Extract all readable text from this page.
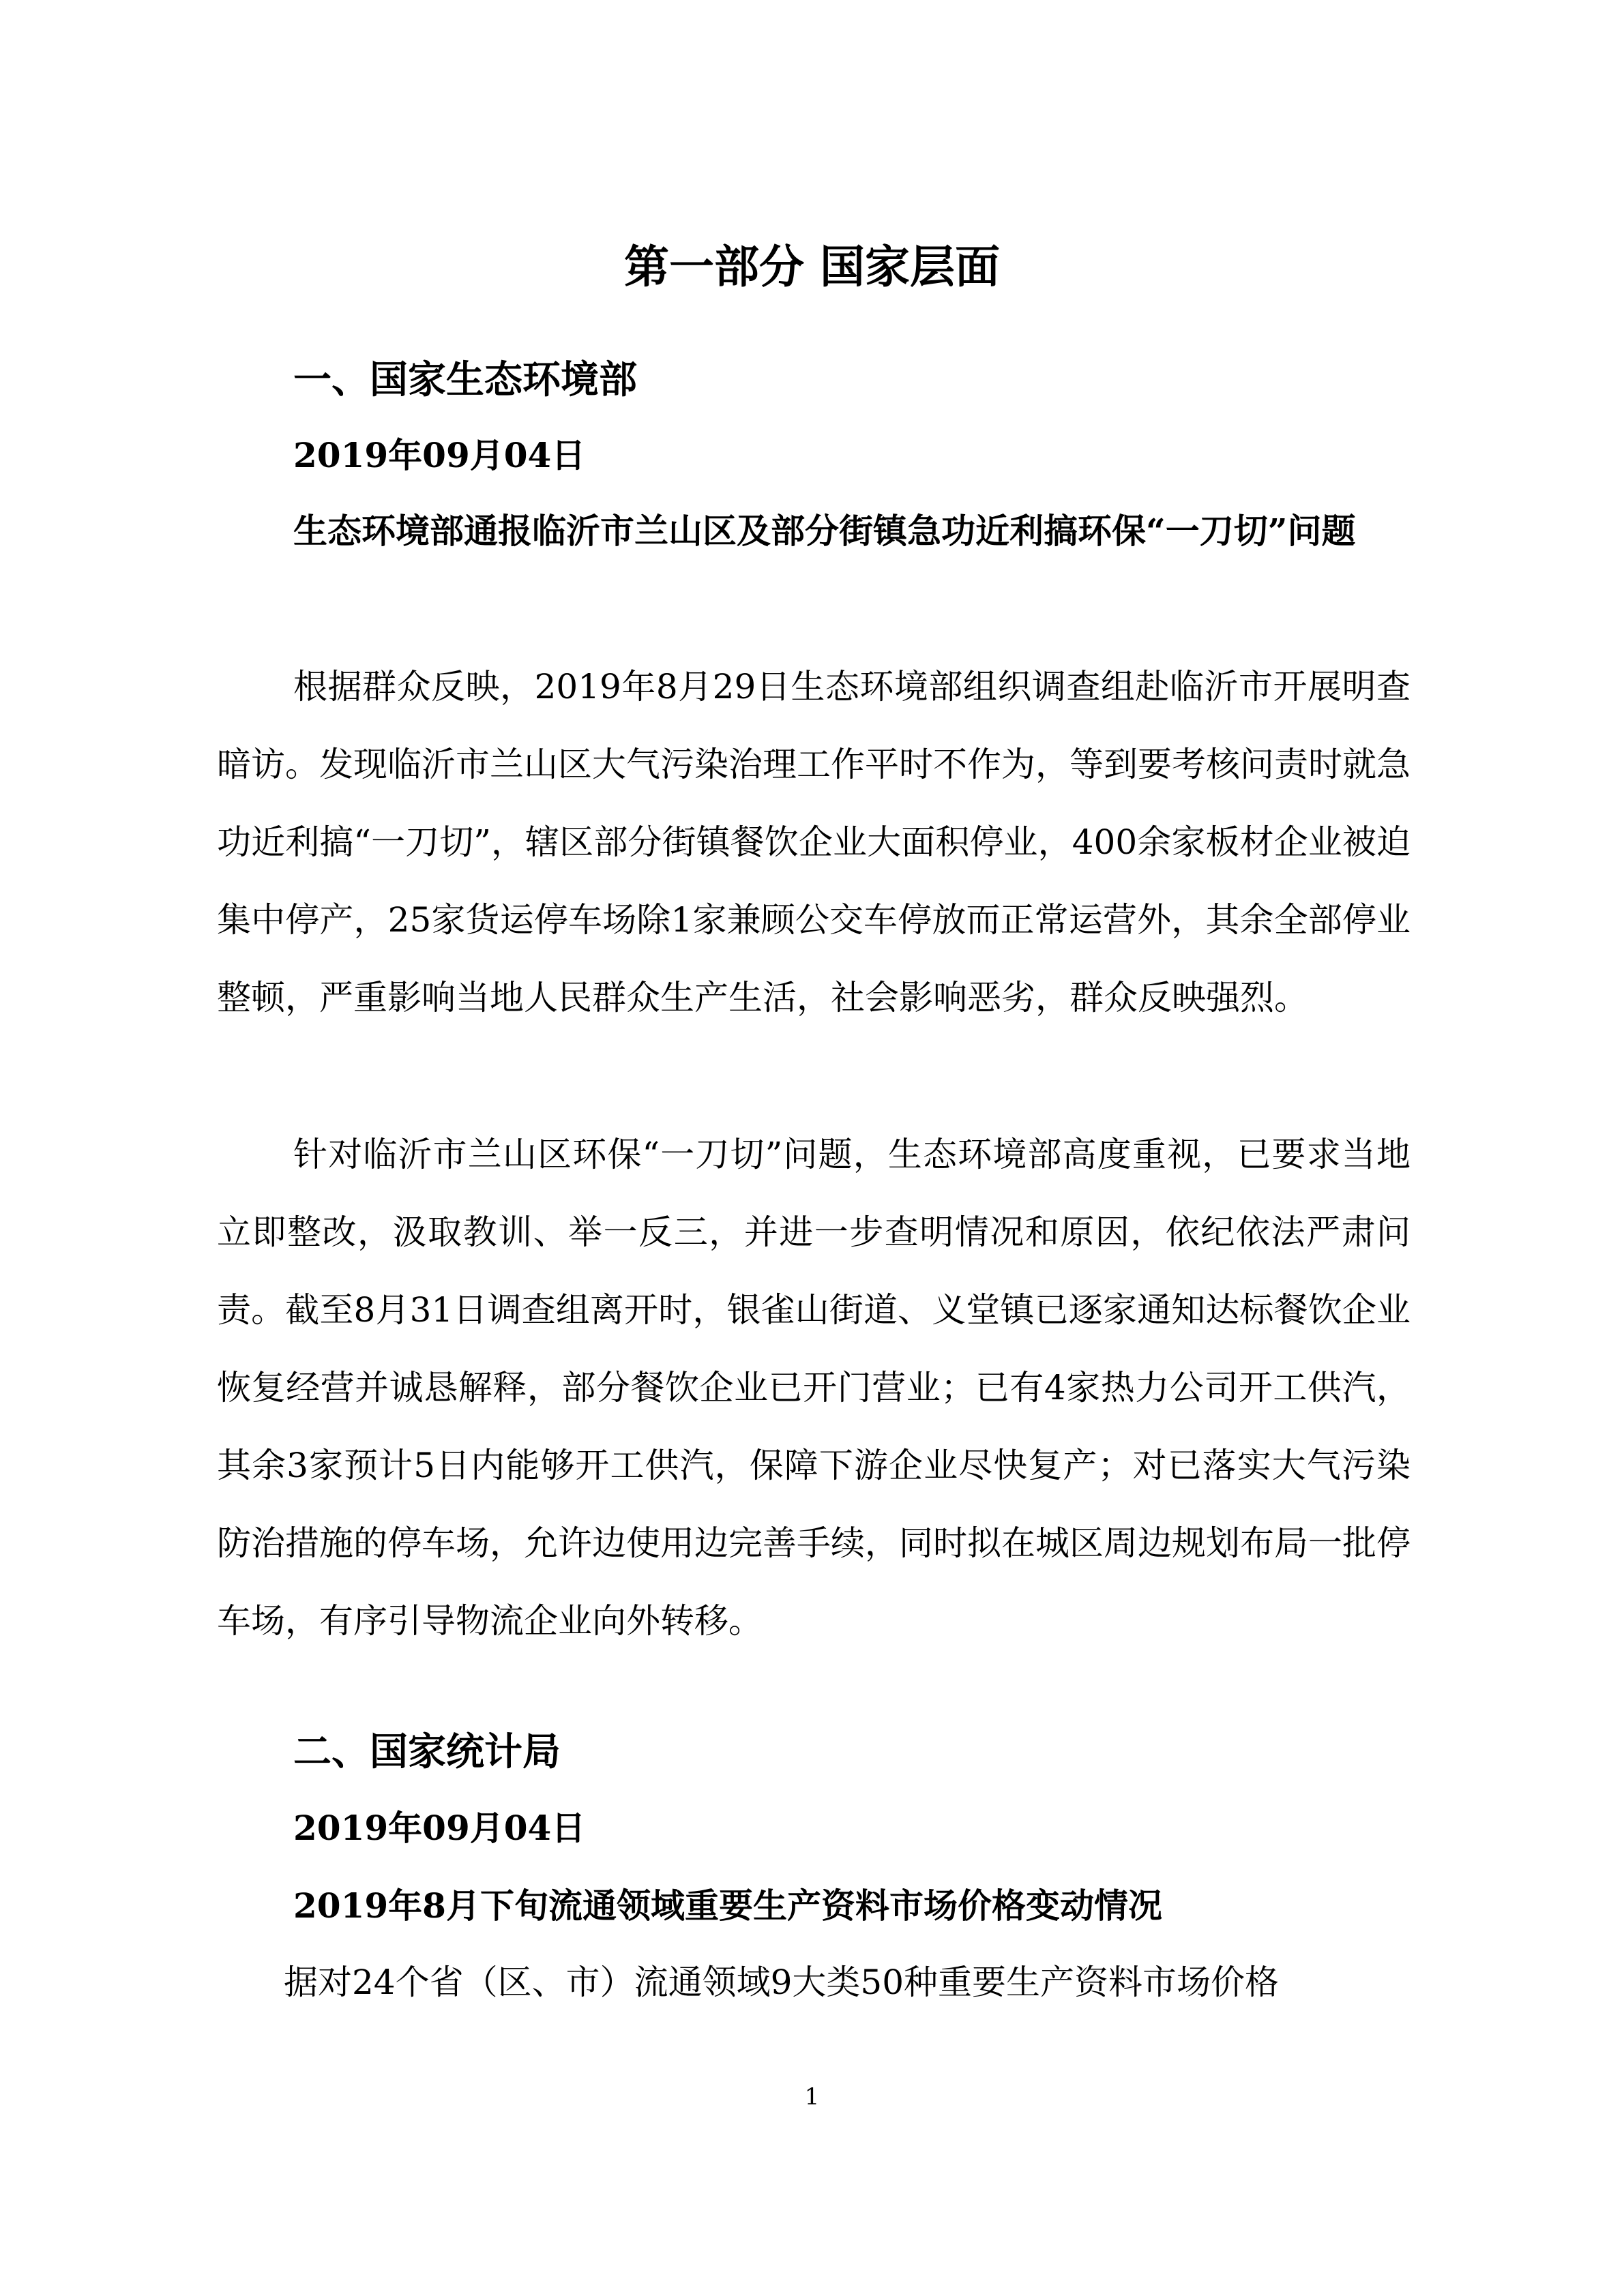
第一部分 国家层面
一、国家生态环境部
2019年09月04日
生态环境部通报临沂市兰山区及部分街镇急功近利搞环保“一刀切”问题

根据群众反映，2019年8月29日生态环境部组织调查组赴临沂市开展明查暗访。发现临沂市兰山区大气污染治理工作平时不作为，等到要考核问责时就急功近利搞“一刀切”，辖区部分街镇餐饮企业大面积停业，400余家板材企业被迫集中停产，25家货运停车场除1家兼顾公交车停放而正常运营外，其余全部停业整顿，严重影响当地人民群众生产生活，社会影响恶劣，群众反映强烈。

针对临沂市兰山区环保“一刀切”问题，生态环境部高度重视，已要求当地立即整改，汲取教训、举一反三，并进一步查明情况和原因，依纪依法严肃问责。截至8月31日调查组离开时，银雀山街道、义堂镇已逐家通知达标餐饮企业恢复经营并诚恳解释，部分餐饮企业已开门营业；已有4家热力公司开工供汽，其余3家预计5日内能够开工供汽，保障下游企业尽快复产；对已落实大气污染防治措施的停车场，允许边使用边完善手续，同时拟在城区周边规划布局一批停车场，有序引导物流企业向外转移。

二、国家统计局
2019年09月04日
2019年8月下旬流通领域重要生产资料市场价格变动情况

据对24个省（区、市）流通领域9大类50种重要生产资料市场价格

1
